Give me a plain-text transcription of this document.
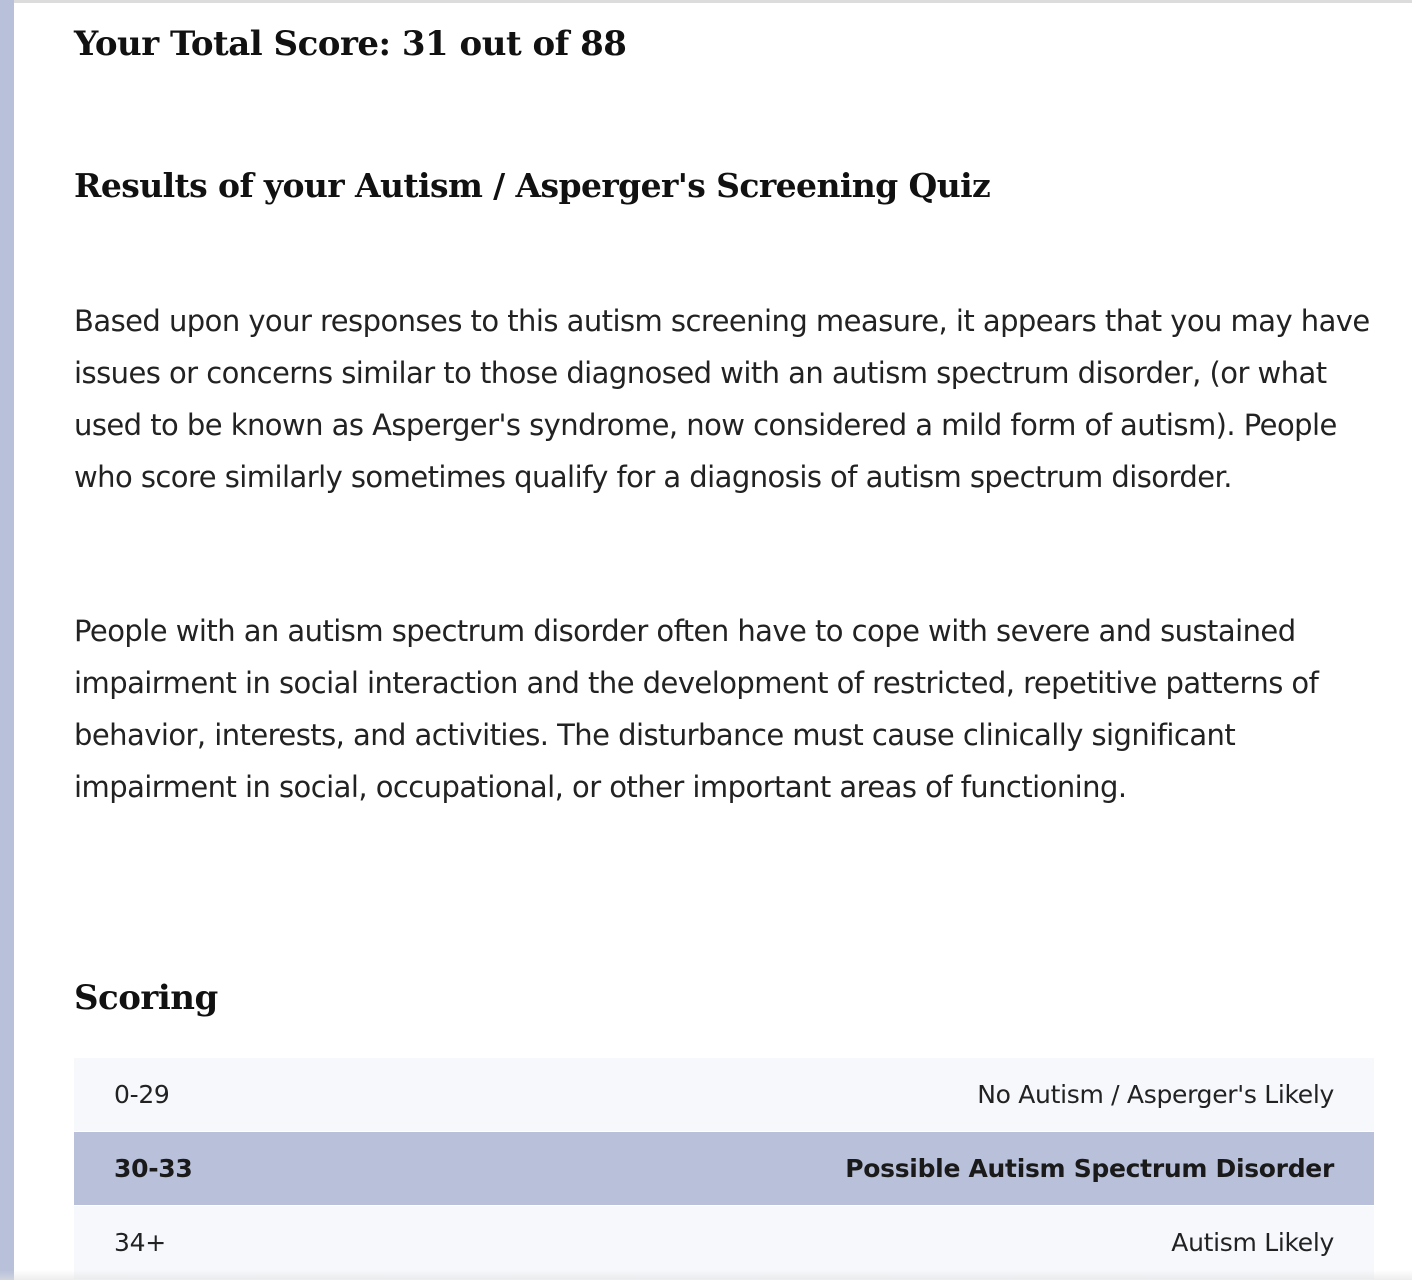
Your Total Score: 31 out of 88
Results of your Autism / Asperger's Screening Quiz

Based upon your responses to this autism screening measure, it appears that you may have issues or concerns similar to those diagnosed with an autism spectrum disorder, (or what used to be known as Asperger's syndrome, now considered a mild form of autism). People who score similarly sometimes qualify for a diagnosis of autism spectrum disorder.

People with an autism spectrum disorder often have to cope with severe and sustained impairment in social interaction and the development of restricted, repetitive patterns of behavior, interests, and activities. The disturbance must cause clinically significant impairment in social, occupational, or other important areas of functioning.

Scoring
0-29	No Autism / Asperger's Likely
30-33	Possible Autism Spectrum Disorder
34+	Autism Likely
